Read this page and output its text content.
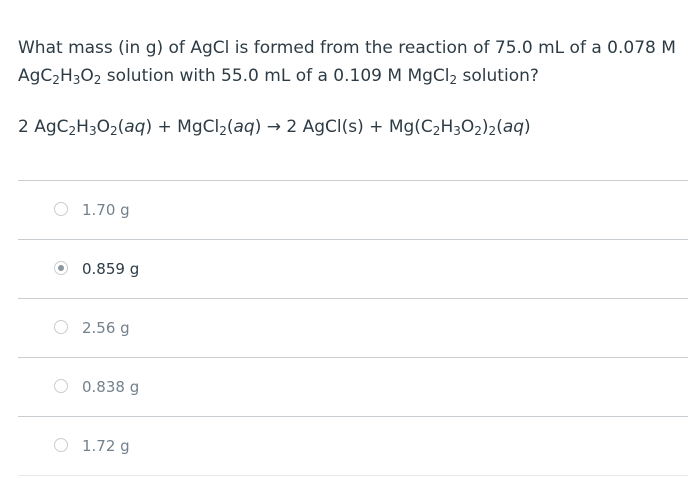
What mass (in g) of AgCl is formed from the reaction of 75.0 mL of a 0.078 M
$AgC_2H_3O_2$ solution with 55.0 mL of a 0.109 M MgCl$_2$ solution?
2 $AgC_2H_3O_2(aq)$ + MgCl$_2$(aq) → 2 AgCl(s) + $Mg(C_2H_3O_2)_2(aq)$
1.70 g
0.859 g
2.56 g
0.838 g
1.72 g
